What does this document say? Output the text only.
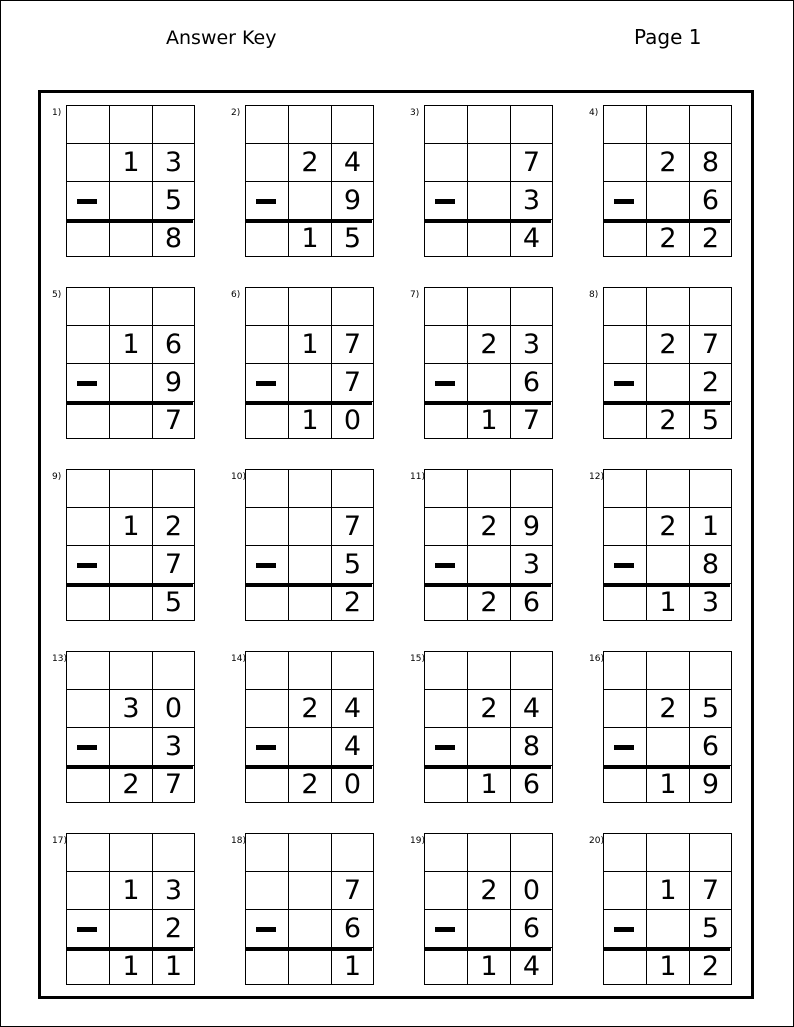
Answer Key	Page 1
1)
1 3
5
8
2)
2 4
9
1 5
3)
7
3
4
4)
2 8
6
2 2
5)
1 6
9
7
6)
1 7
7
1 0
7)
2 3
6
1 7
8)
2 7
2
2 5
9)
1 2
7
5
10)
7
5
2
11)
2 9
3
2 6
12)
2 1
8
1 3
13)
3 0
3
2 7
14)
2 4
4
2 0
15)
2 4
8
1 6
16)
2 5
6
1 9
17)
1 3
2
1 1
18)
7
6
1
19)
2 0
6
1 4
20)
1 7
5
1 2
